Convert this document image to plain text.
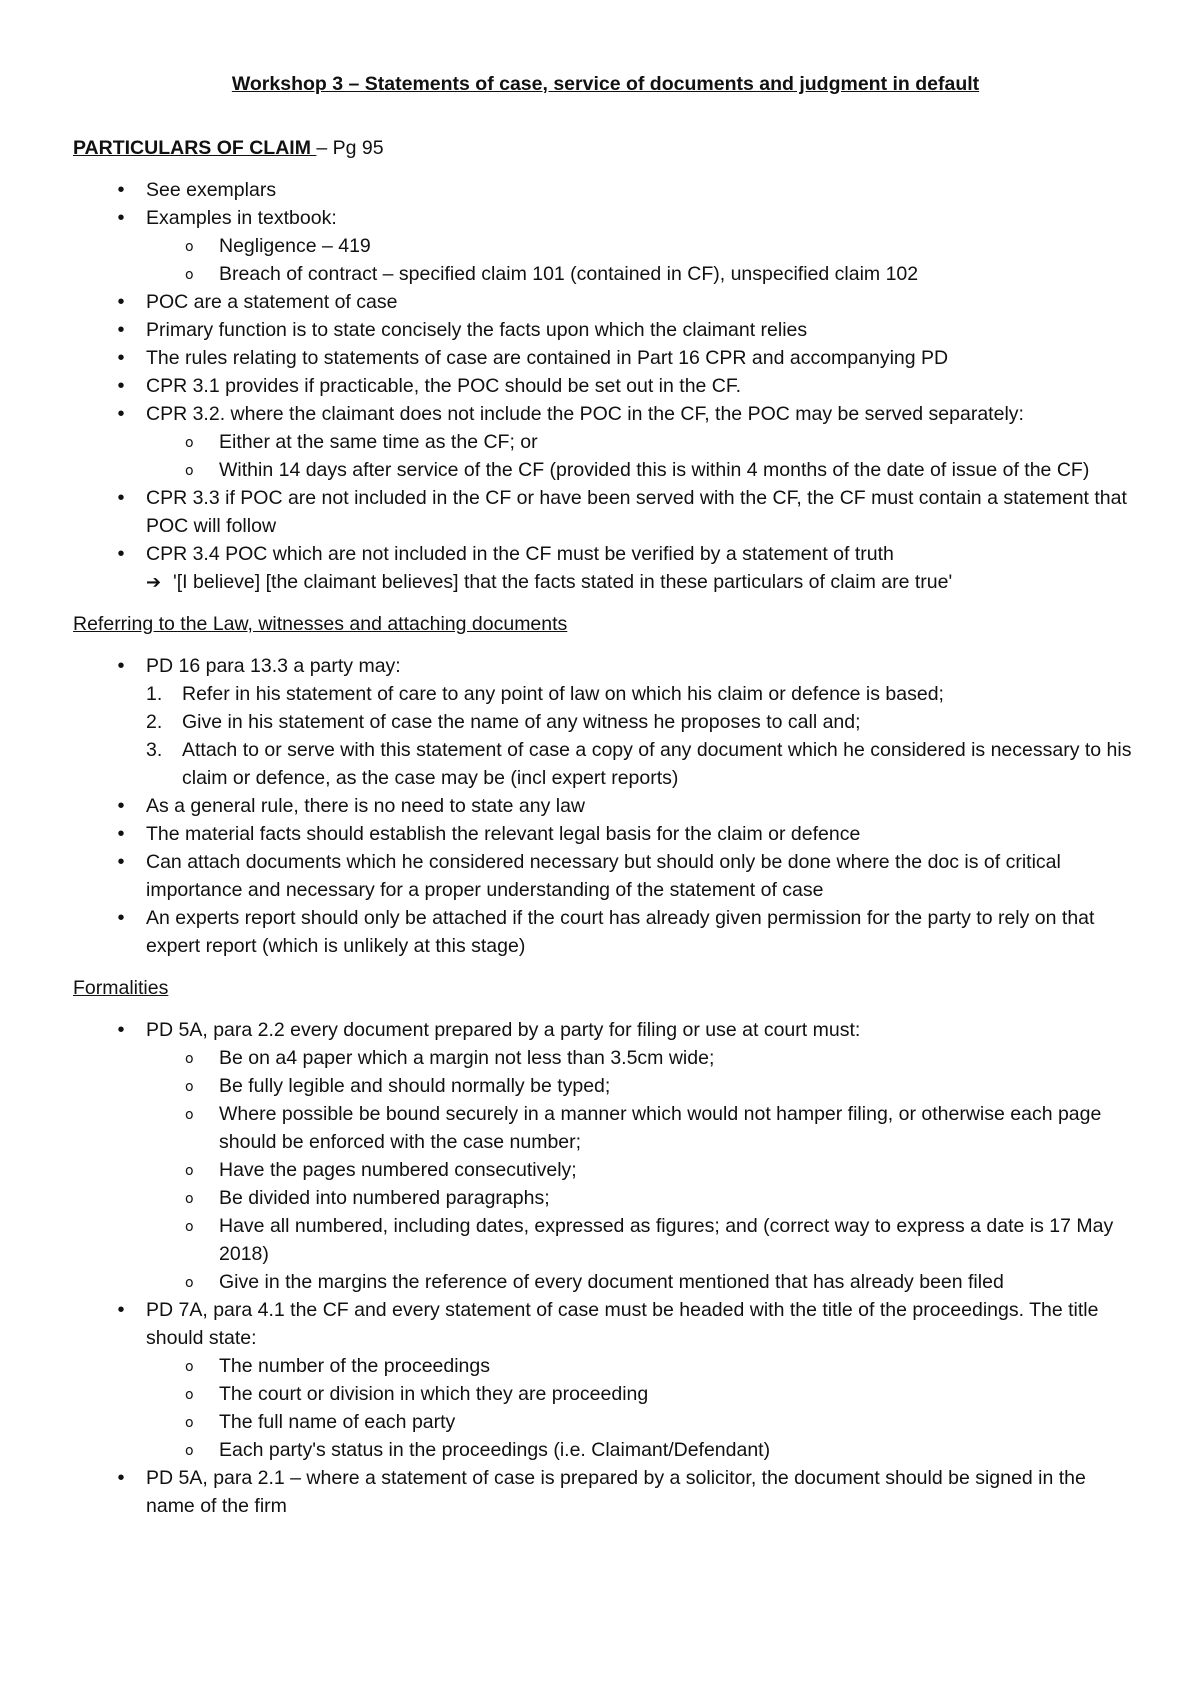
Workshop 3 – Statements of case, service of documents and judgment in default
PARTICULARS OF CLAIM – Pg 95
•	See exemplars
•	Examples in textbook:
o Negligence – 419
o Breach of contract – specified claim 101 (contained in CF), unspecified claim 102
•	POC are a statement of case
•	Primary function is to state concisely the facts upon which the claimant relies
•	The rules relating to statements of case are contained in Part 16 CPR and accompanying PD
•	CPR 3.1 provides if practicable, the POC should be set out in the CF.
•	CPR 3.2. where the claimant does not include the POC in the CF, the POC may be served separately:
o Either at the same time as the CF; or
o Within 14 days after service of the CF (provided this is within 4 months of the date of issue of the CF)
•	CPR 3.3 if POC are not included in the CF or have been served with the CF, the CF must contain a statement that POC will follow
•	CPR 3.4 POC which are not included in the CF must be verified by a statement of truth
➔ '[I believe] [the claimant believes] that the facts stated in these particulars of claim are true'
Referring to the Law, witnesses and attaching documents
•	PD 16 para 13.3 a party may:
1. Refer in his statement of care to any point of law on which his claim or defence is based;
2. Give in his statement of case the name of any witness he proposes to call and;
3. Attach to or serve with this statement of case a copy of any document which he considered is necessary to his claim or defence, as the case may be (incl expert reports)
•	As a general rule, there is no need to state any law
•	The material facts should establish the relevant legal basis for the claim or defence
•	Can attach documents which he considered necessary but should only be done where the doc is of critical importance and necessary for a proper understanding of the statement of case
•	An experts report should only be attached if the court has already given permission for the party to rely on that expert report (which is unlikely at this stage)
Formalities
•	PD 5A, para 2.2 every document prepared by a party for filing or use at court must:
o Be on a4 paper which a margin not less than 3.5cm wide;
o Be fully legible and should normally be typed;
o Where possible be bound securely in a manner which would not hamper filing, or otherwise each page should be enforced with the case number;
o Have the pages numbered consecutively;
o Be divided into numbered paragraphs;
o Have all numbered, including dates, expressed as figures; and (correct way to express a date is 17 May 2018)
o Give in the margins the reference of every document mentioned that has already been filed
•	PD 7A, para 4.1 the CF and every statement of case must be headed with the title of the proceedings. The title should state:
o The number of the proceedings
o The court or division in which they are proceeding
o The full name of each party
o Each party's status in the proceedings (i.e. Claimant/Defendant)
•	PD 5A, para 2.1 – where a statement of case is prepared by a solicitor, the document should be signed in the name of the firm
